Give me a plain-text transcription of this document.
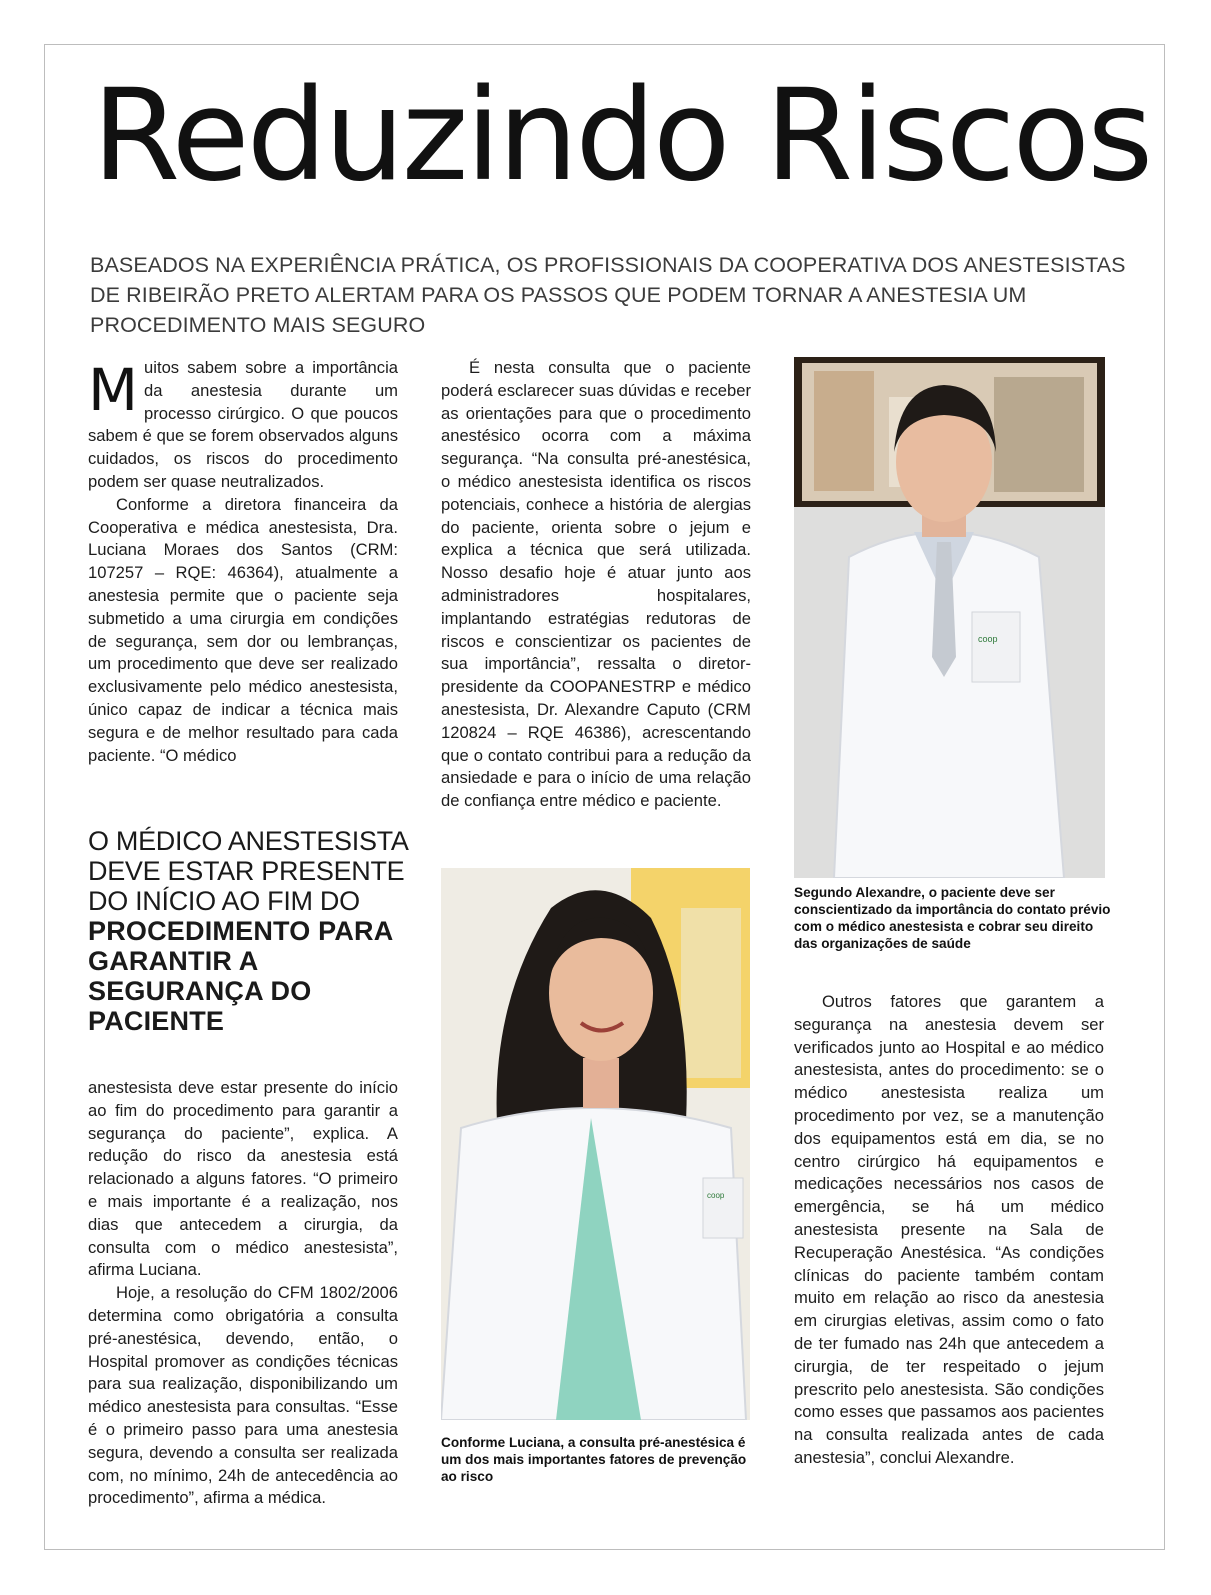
Reduzindo Riscos

BASEADOS NA EXPERIÊNCIA PRÁTICA, OS PROFISSIONAIS DA COOPERATIVA DOS ANESTESISTAS DE RIBEIRÃO PRETO ALERTAM PARA OS PASSOS QUE PODEM TORNAR A ANESTESIA UM PROCEDIMENTO MAIS SEGURO

Muitos sabem sobre a importância da anestesia durante um processo cirúrgico. O que poucos sabem é que se forem observados alguns cuidados, os riscos do procedimento podem ser quase neutralizados.

Conforme a diretora financeira da Cooperativa e médica anestesista, Dra. Luciana Moraes dos Santos (CRM: 107257 – RQE: 46364), atualmente a anestesia permite que o paciente seja submetido a uma cirurgia em condições de segurança, sem dor ou lembranças, um procedimento que deve ser realizado exclusivamente pelo médico anestesista, único capaz de indicar a técnica mais segura e de melhor resultado para cada paciente. “O médico

O MÉDICO ANESTESISTA DEVE ESTAR PRESENTE DO INÍCIO AO FIM DO
PROCEDIMENTO PARA GARANTIR A SEGURANÇA DO PACIENTE

anestesista deve estar presente do início ao fim do procedimento para garantir a segurança do paciente”, explica. A redução do risco da anestesia está relacionado a alguns fatores. “O primeiro e mais importante é a realização, nos dias que antecedem a cirurgia, da consulta com o médico anestesista”, afirma Luciana.

Hoje, a resolução do CFM 1802/2006 determina como obrigatória a consulta pré-anestésica, devendo, então, o Hospital promover as condições técnicas para sua realização, disponibilizando um médico anestesista para consultas. “Esse é o primeiro passo para uma anestesia segura, devendo a consulta ser realizada com, no mínimo, 24h de antecedência ao procedimento”, afirma a médica.

É nesta consulta que o paciente poderá esclarecer suas dúvidas e receber as orientações para que o procedimento anestésico ocorra com a máxima segurança. “Na consulta pré-anestésica, o médico anestesista identifica os riscos potenciais, conhece a história de alergias do paciente, orienta sobre o jejum e explica a técnica que será utilizada. Nosso desafio hoje é atuar junto aos administradores hospitalares, implantando estratégias redutoras de riscos e conscientizar os pacientes de sua importância”, ressalta o diretor-presidente da COOPANESTRP e médico anestesista, Dr. Alexandre Caputo (CRM 120824 – RQE 46386), acrescentando que o contato contribui para a redução da ansiedade e para o início de uma relação de confiança entre médico e paciente.

coop

Segundo Alexandre, o paciente deve ser conscientizado da importância do contato prévio com o médico anestesista e cobrar seu direito das organizações de saúde

coop

Conforme Luciana, a consulta pré-anestésica é um dos mais importantes fatores de prevenção ao risco

Outros fatores que garantem a segurança na anestesia devem ser verificados junto ao Hospital e ao médico anestesista, antes do procedimento: se o médico anestesista realiza um procedimento por vez, se a manutenção dos equipamentos está em dia, se no centro cirúrgico há equipamentos e medicações necessários nos casos de emergência, se há um médico anestesista presente na Sala de Recuperação Anestésica. “As condições clínicas do paciente também contam muito em relação ao risco da anestesia em cirurgias eletivas, assim como o fato de ter fumado nas 24h que antecedem a cirurgia, de ter respeitado o jejum prescrito pelo anestesista. São condições como esses que passamos aos pacientes na consulta realizada antes de cada anestesia”, conclui Alexandre.
